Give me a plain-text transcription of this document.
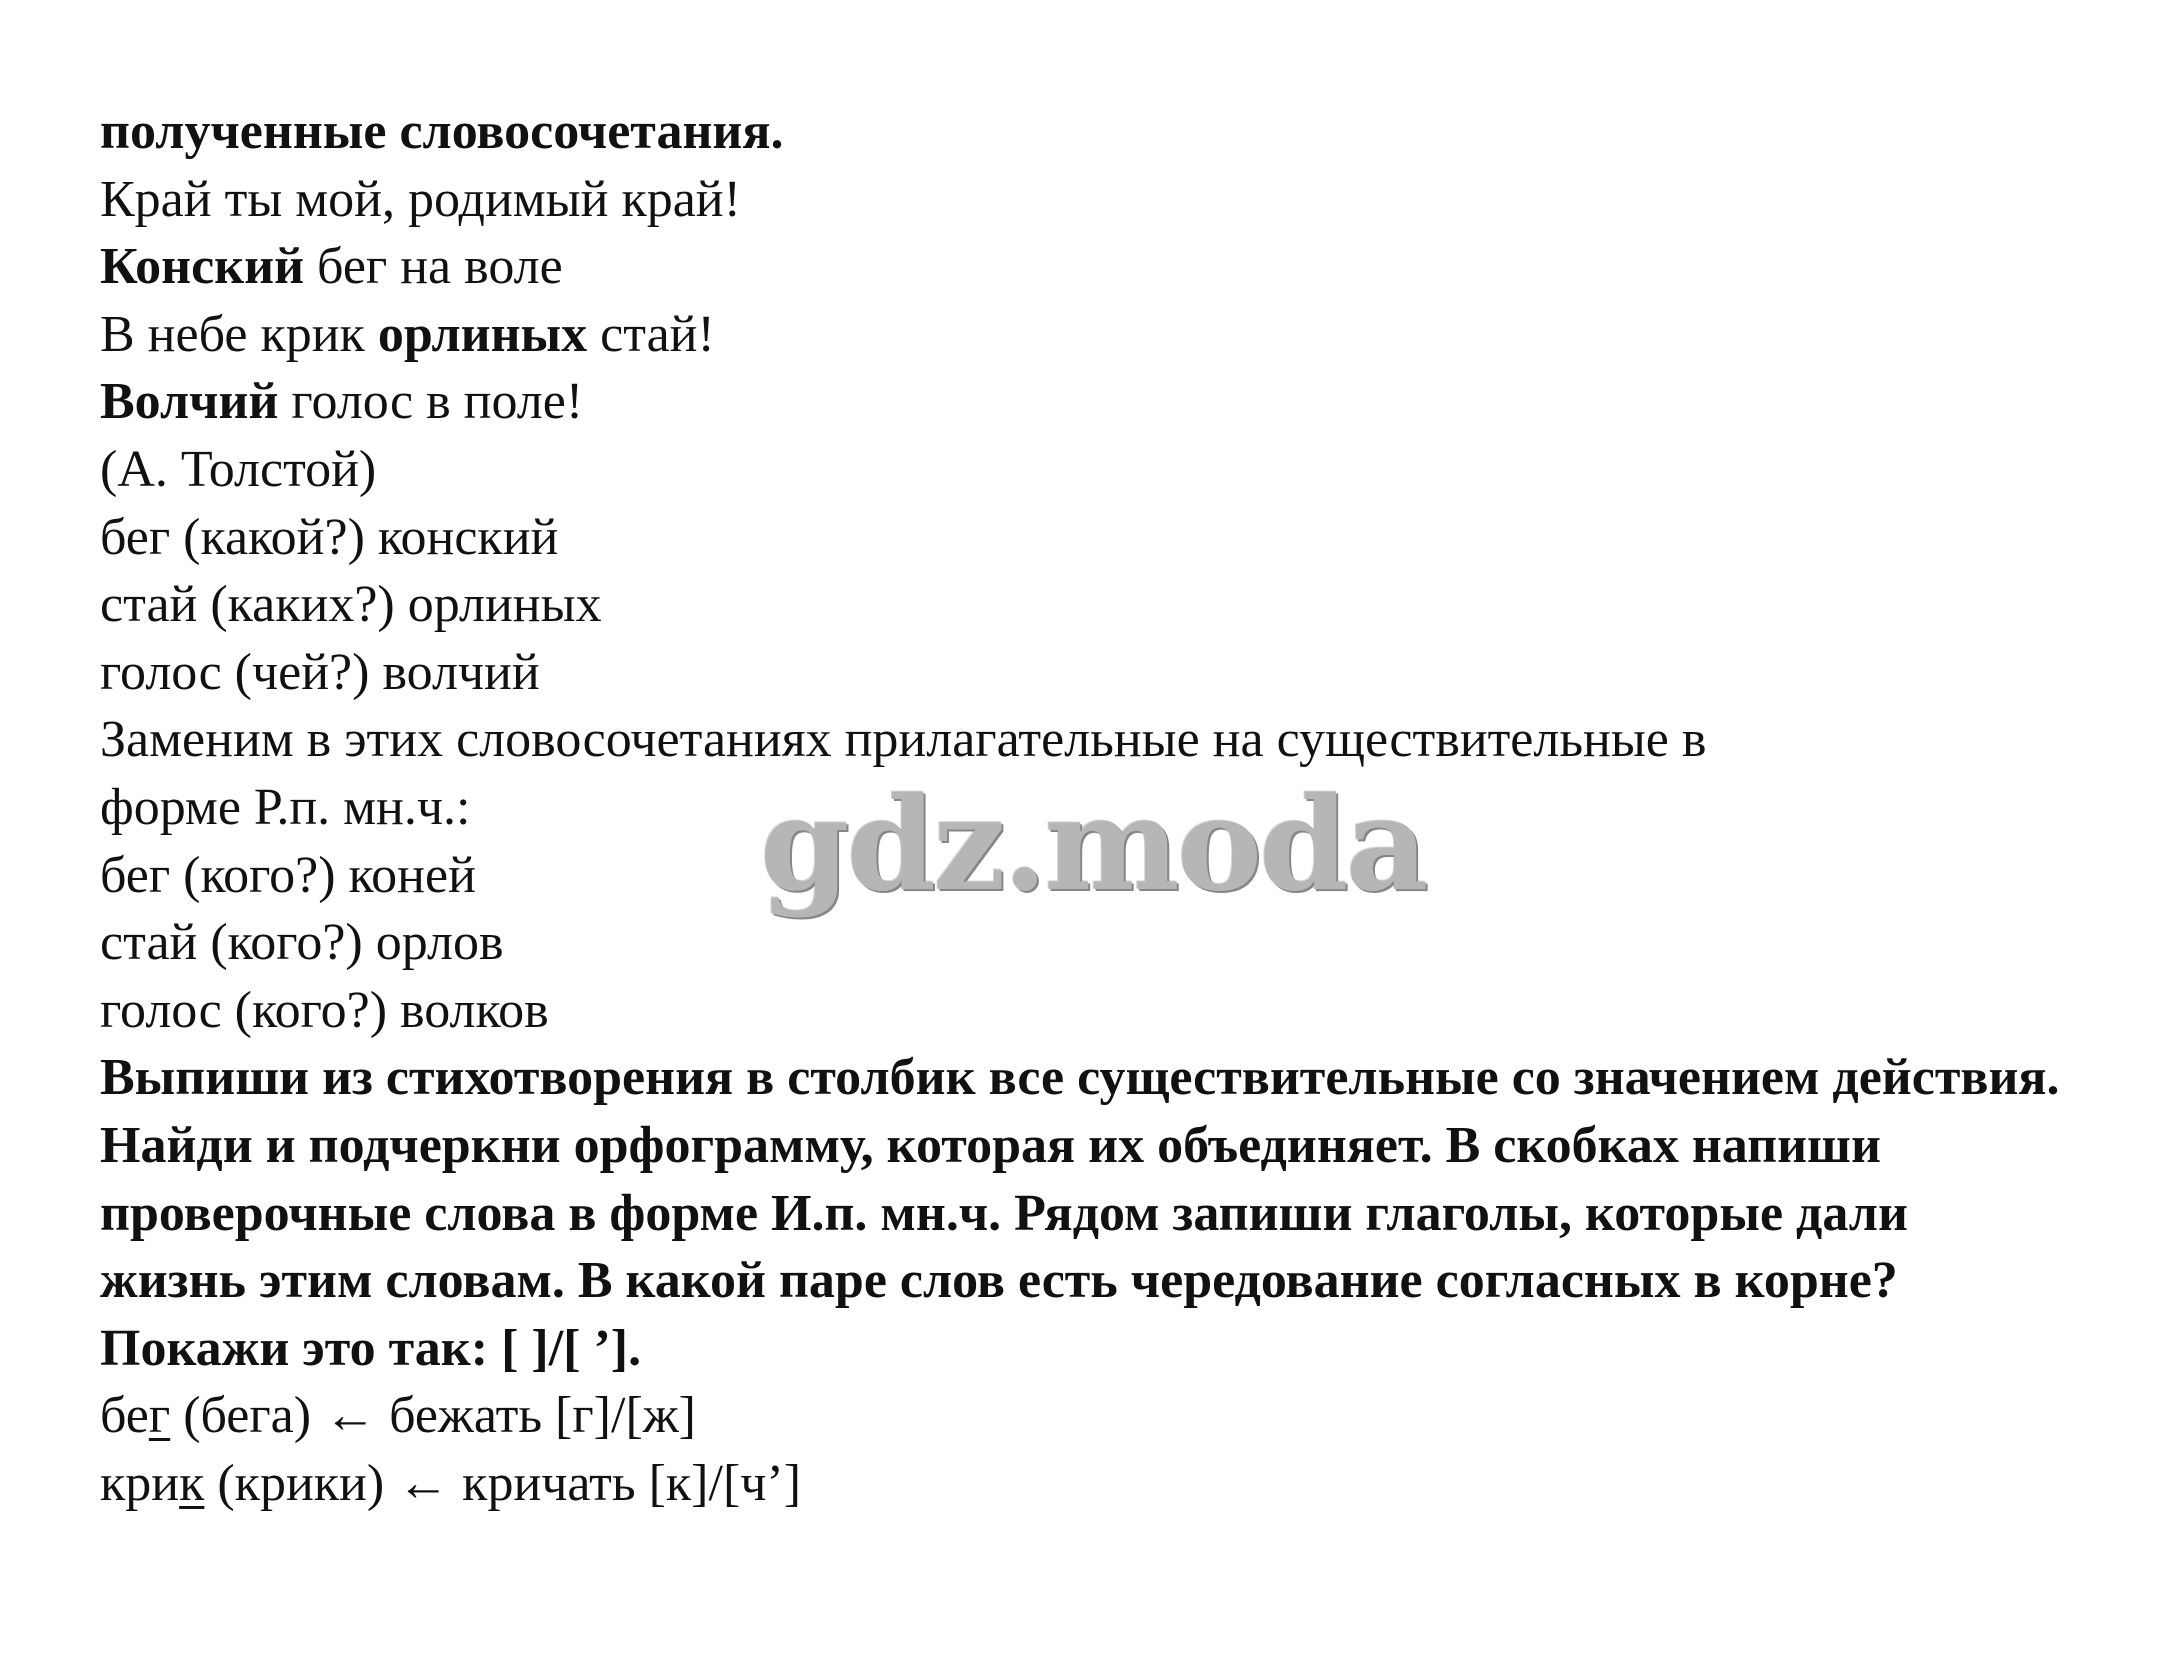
полученные словосочетания.

Край ты мой, родимый край!

Конский бег на воле

В небе крик орлиных стай!

Волчий голос в поле!

(А. Толстой)

бег (какой?) конский

стай (каких?) орлиных

голос (чей?) волчий

Заменим в этих словосочетаниях прилагательные на существительные в

форме Р.п. мн.ч.:

бег (кого?) коней

стай (кого?) орлов

голос (кого?) волков

Выпиши из стихотворения в столбик все существительные со значением действия. Найди и подчеркни орфограмму, которая их объединяет. В скобках напиши проверочные слова в форме И.п. мн.ч. Рядом запиши глаголы, которые дали жизнь этим словам. В какой паре слов есть чередование согласных в корне?

Покажи это так: [ ]/[ ’].

бег (бега) ← бежать [г]/[ж]

крик (крики) ← кричать [к]/[ч’]

gdz.moda
